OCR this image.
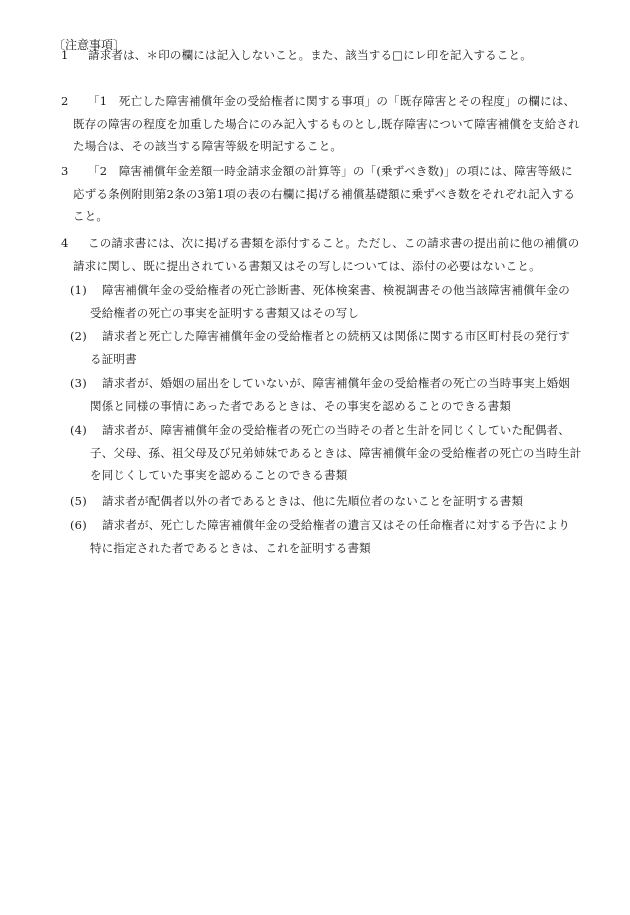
〔注意事項〕
1 請求者は、＊印の欄には記入しないこと。また、該当する□にレ印を記入すること。
2 「1　死亡した障害補償年金の受給権者に関する事項」の「既存障害とその程度」の欄には、
既存の障害の程度を加重した場合にのみ記入するものとし,既存障害について障害補償を支給された場合は、その該当する障害等級を明記すること。
3 「2　障害補償年金差額一時金請求金額の計算等」の「(乗ずべき数)」の項には、障害等級に
応ずる条例附則第2条の3第1項の表の右欄に掲げる補償基礎額に乗ずべき数をそれぞれ記入すること。
4 この請求書には、次に掲げる書類を添付すること。ただし、この請求書の提出前に他の補償の
請求に関し、既に提出されている書類又はその写しについては、添付の必要はないこと。
(1) 障害補償年金の受給権者の死亡診断書、死体検案書、検視調書その他当該障害補償年金の
受給権者の死亡の事実を証明する書類又はその写し
(2) 請求者と死亡した障害補償年金の受給権者との続柄又は関係に関する市区町村長の発行す
る証明書
(3) 請求者が、婚姻の届出をしていないが、障害補償年金の受給権者の死亡の当時事実上婚姻
関係と同様の事情にあった者であるときは、その事実を認めることのできる書類
(4) 請求者が、障害補償年金の受給権者の死亡の当時その者と生計を同じくしていた配偶者、
子、父母、孫、祖父母及び兄弟姉妹であるときは、障害補償年金の受給権者の死亡の当時生計を同じくしていた事実を認めることのできる書類
(5) 請求者が配偶者以外の者であるときは、他に先順位者のないことを証明する書類
(6) 請求者が、死亡した障害補償年金の受給権者の遺言又はその任命権者に対する予告により
特に指定された者であるときは、これを証明する書類
